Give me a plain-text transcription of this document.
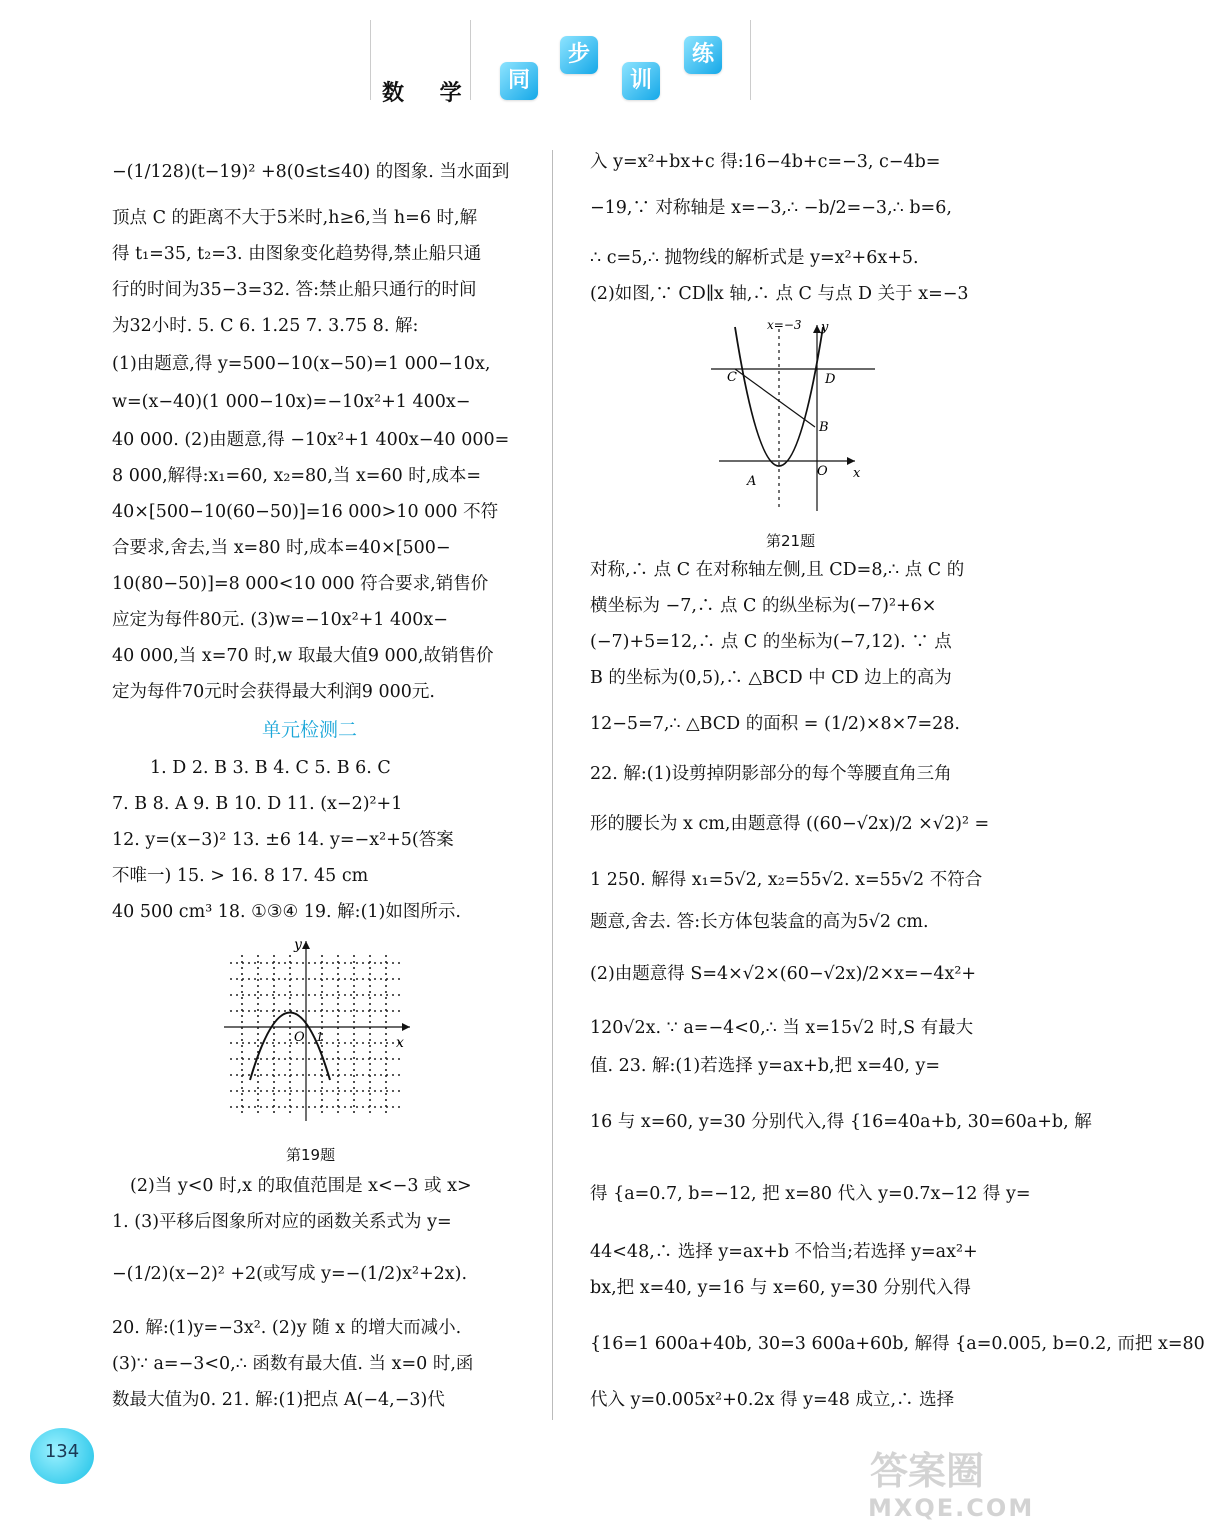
数 学
同
步
训
练
−(1/128)(t−19)² +8(0≤t≤40) 的图象. 当水面到
顶点 C 的距离不大于5米时,h≥6,当 h=6 时,解
得 t₁=35, t₂=3. 由图象变化趋势得,禁止船只通
行的时间为35−3=32. 答:禁止船只通行的时间
为32小时. 5. C 6. 1.25 7. 3.75 8. 解:
(1)由题意,得 y=500−10(x−50)=1 000−10x,
w=(x−40)(1 000−10x)=−10x²+1 400x−
40 000. (2)由题意,得 −10x²+1 400x−40 000=
8 000,解得:x₁=60, x₂=80,当 x=60 时,成本=
40×[500−10(60−50)]=16 000>10 000 不符
合要求,舍去,当 x=80 时,成本=40×[500−
10(80−50)]=8 000<10 000 符合要求,销售价
应定为每件80元. (3)w=−10x²+1 400x−
40 000,当 x=70 时,w 取最大值9 000,故销售价
定为每件70元时会获得最大利润9 000元.
单元检测二
1. D 2. B 3. B 4. C 5. B 6. C
7. B 8. A 9. B 10. D 11. (x−2)²+1
12. y=(x−3)² 13. ±6 14. y=−x²+5(答案
不唯一) 15. > 16. 8 17. 45 cm
40 500 cm³ 18. ①③④ 19. 解:(1)如图所示.
y
x
O 1
第19题
(2)当 y<0 时,x 的取值范围是 x<−3 或 x>
1. (3)平移后图象所对应的函数关系式为 y=
−(1/2)(x−2)² +2(或写成 y=−(1/2)x²+2x).
20. 解:(1)y=−3x². (2)y 随 x 的增大而减小.
(3)∵ a=−3<0,∴ 函数有最大值. 当 x=0 时,函
数最大值为0. 21. 解:(1)把点 A(−4,−3)代
入 y=x²+bx+c 得:16−4b+c=−3, c−4b=
−19,∵ 对称轴是 x=−3,∴ −b/2=−3,∴ b=6,
∴ c=5,∴ 抛物线的解析式是 y=x²+6x+5.
(2)如图,∵ CD∥x 轴,∴ 点 C 与点 D 关于 x=−3
x=−3 y
x
O
A
B
C	D
第21题
对称,∴ 点 C 在对称轴左侧,且 CD=8,∴ 点 C 的
横坐标为 −7,∴ 点 C 的纵坐标为(−7)²+6×
(−7)+5=12,∴ 点 C 的坐标为(−7,12). ∵ 点
B 的坐标为(0,5),∴ △BCD 中 CD 边上的高为
12−5=7,∴ △BCD 的面积 = (1/2)×8×7=28.
22. 解:(1)设剪掉阴影部分的每个等腰直角三角
形的腰长为 x cm,由题意得 ((60−√2x)/2 ×√2)² =
1 250. 解得 x₁=5√2, x₂=55√2. x=55√2 不符合
题意,舍去. 答:长方体包装盒的高为5√2 cm.
(2)由题意得 S=4×√2×(60−√2x)/2×x=−4x²+
120√2x. ∵ a=−4<0,∴ 当 x=15√2 时,S 有最大
值. 23. 解:(1)若选择 y=ax+b,把 x=40, y=
16 与 x=60, y=30 分别代入,得 {16=40a+b, 30=60a+b, 解
得 {a=0.7, b=−12, 把 x=80 代入 y=0.7x−12 得 y=
44<48,∴ 选择 y=ax+b 不恰当;若选择 y=ax²+
bx,把 x=40, y=16 与 x=60, y=30 分别代入得
{16=1 600a+40b, 30=3 600a+60b, 解得 {a=0.005, b=0.2, 而把 x=80
代入 y=0.005x²+0.2x 得 y=48 成立,∴ 选择
134	答案圈
MXQE.COM
